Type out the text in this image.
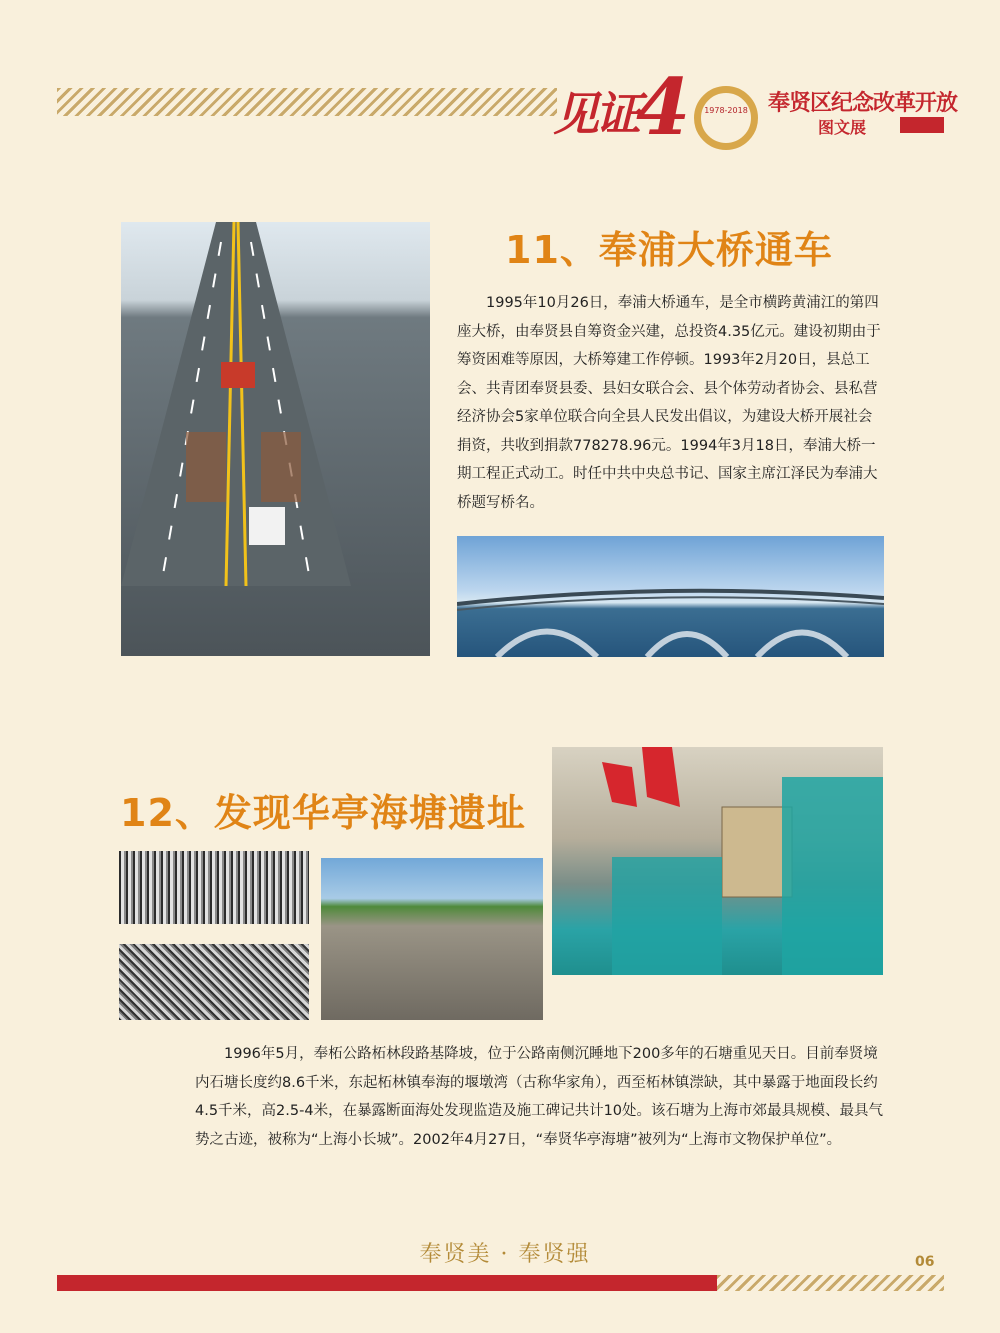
见证 4	1978-2018 奉贤区纪念改革开放
图文展
11、奉浦大桥通车

1995年10月26日，奉浦大桥通车，是全市横跨黄浦江的第四座大桥，由奉贤县自筹资金兴建，总投资4.35亿元。建设初期由于筹资困难等原因，大桥筹建工作停顿。1993年2月20日，县总工会、共青团奉贤县委、县妇女联合会、县个体劳动者协会、县私营经济协会5家单位联合向全县人民发出倡议，为建设大桥开展社会捐资，共收到捐款778278.96元。1994年3月18日，奉浦大桥一期工程正式动工。时任中共中央总书记、国家主席江泽民为奉浦大桥题写桥名。

12、发现华亭海塘遗址

1996年5月，奉柘公路柘林段路基降坡，位于公路南侧沉睡地下200多年的石塘重见天日。目前奉贤境内石塘长度约8.6千米，东起柘林镇奉海的堰墩湾（古称华家角），西至柘林镇漴缺，其中暴露于地面段长约4.5千米，高2.5-4米，在暴露断面海处发现监造及施工碑记共计10处。该石塘为上海市郊最具规模、最具气势之古迹，被称为“上海小长城”。2002年4月27日，“奉贤华亭海塘”被列为“上海市文物保护单位”。

奉贤美 · 奉贤强	06
